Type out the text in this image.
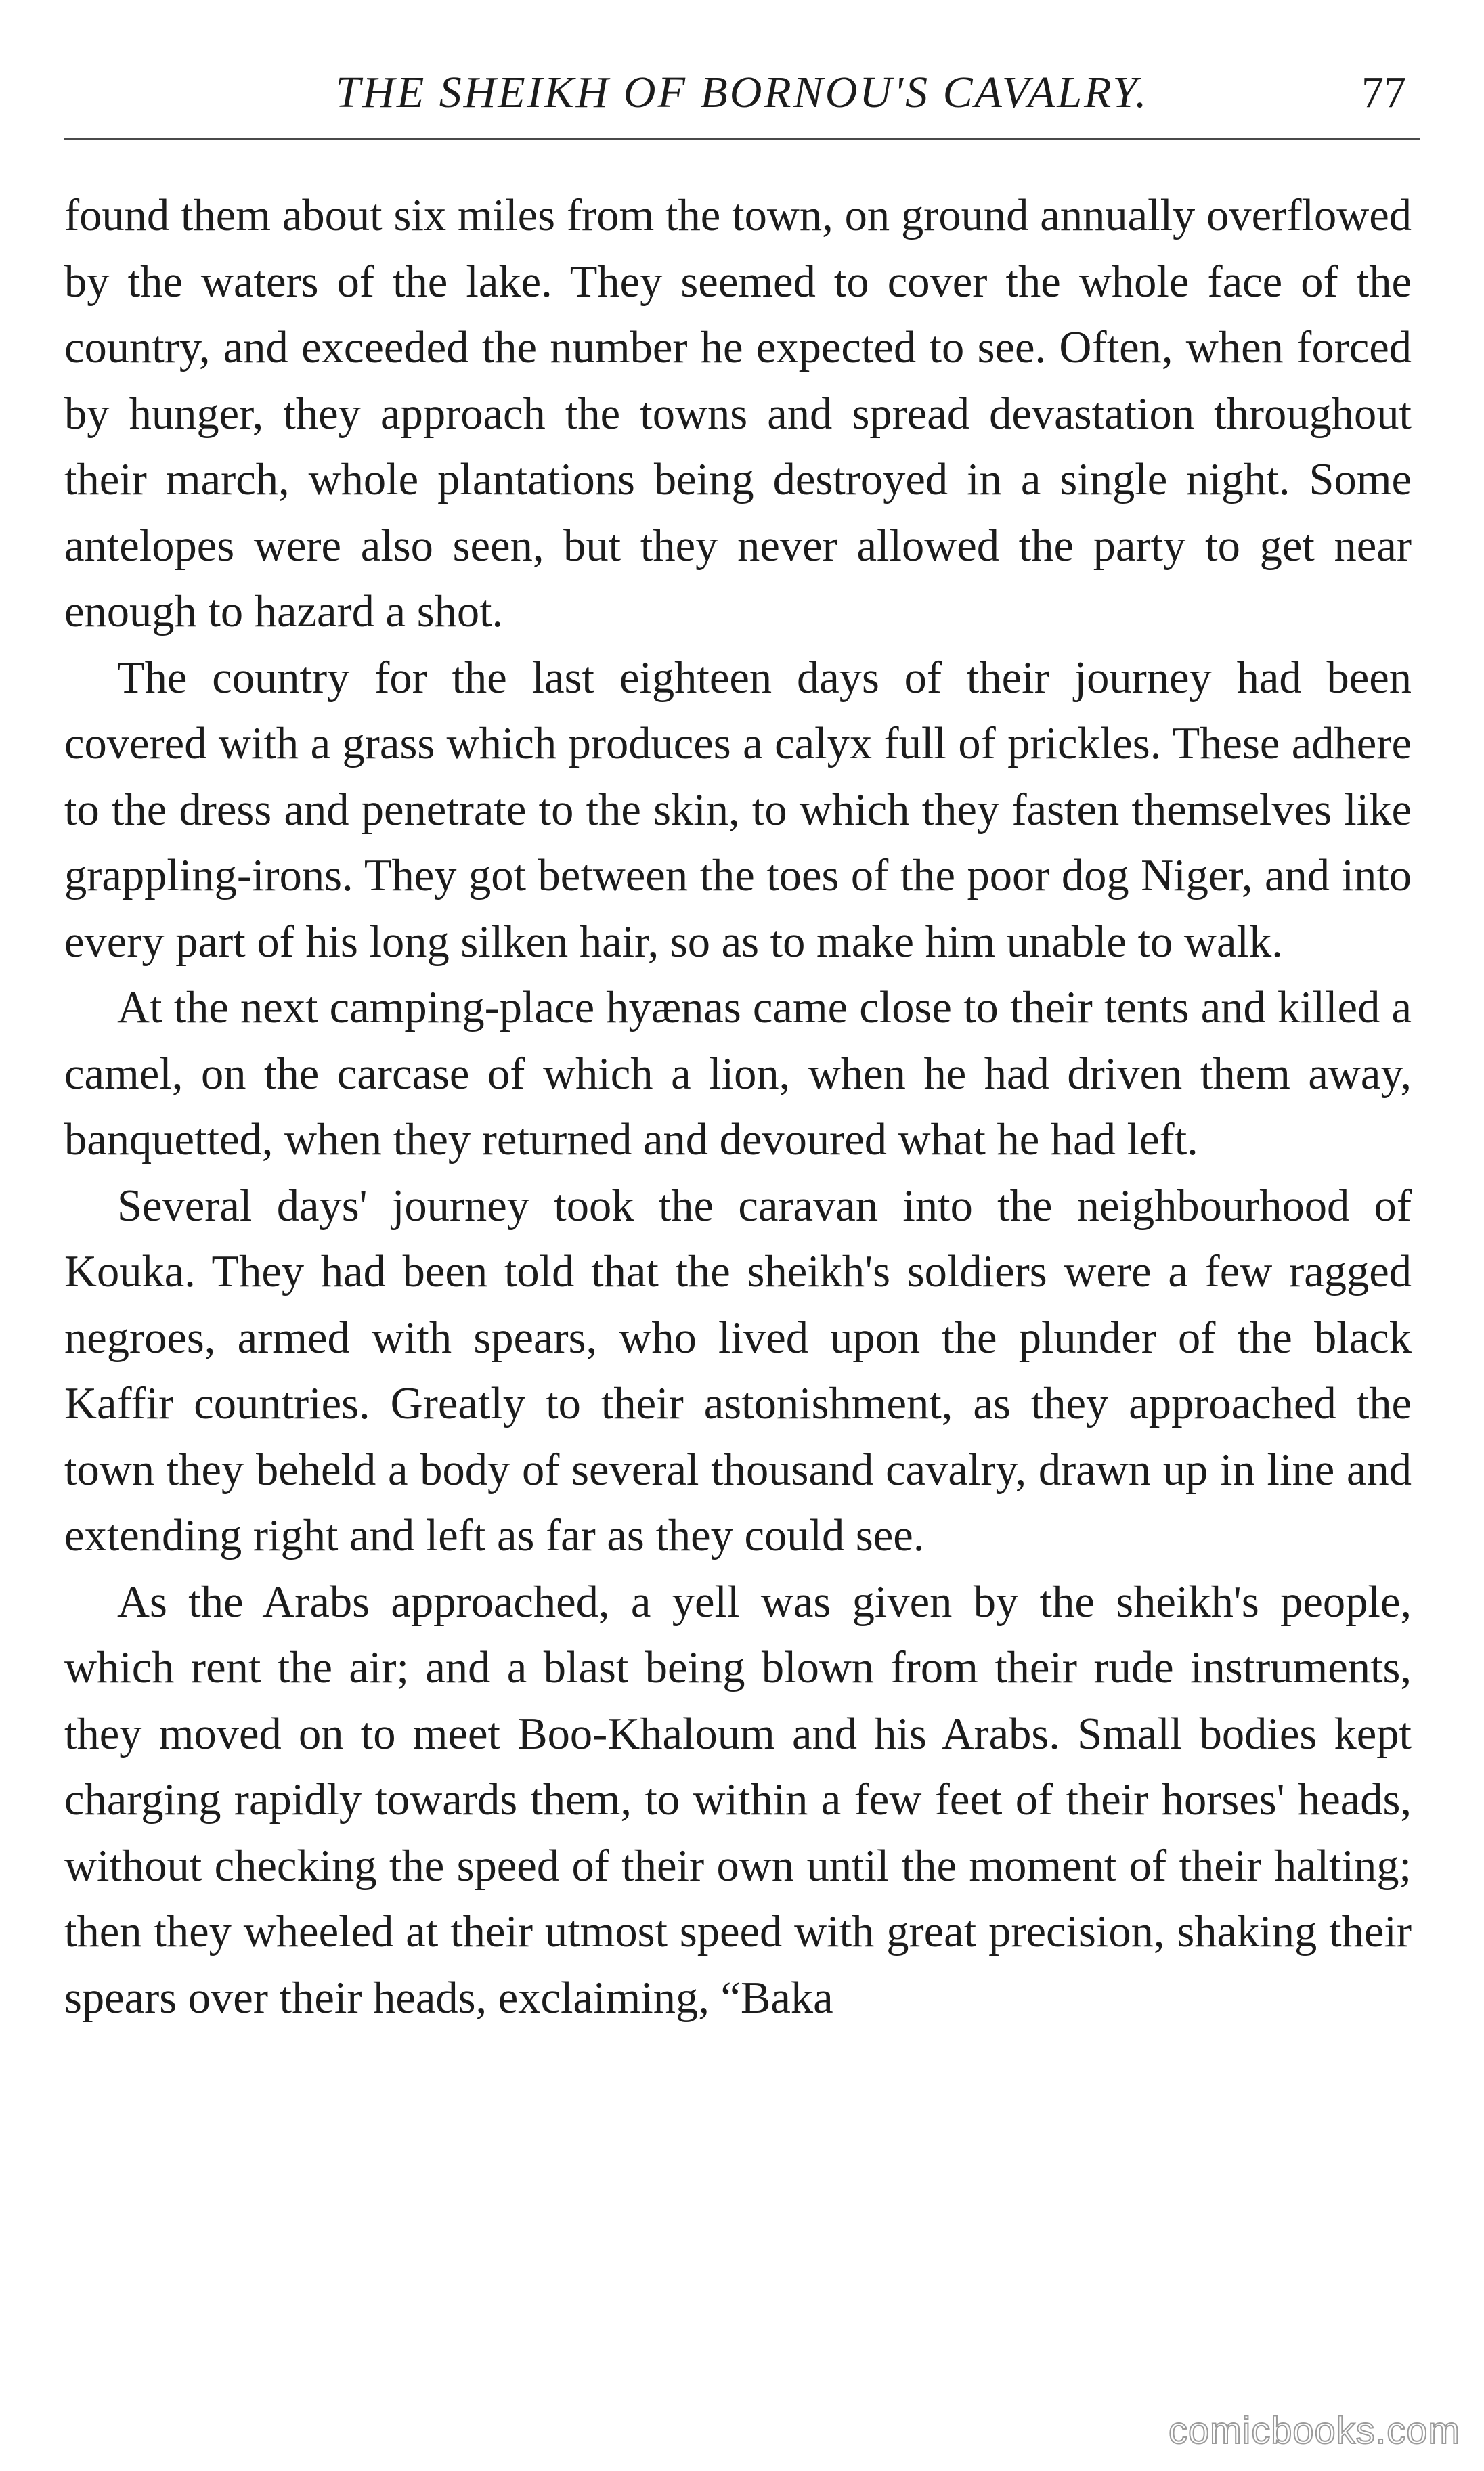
THE SHEIKH OF BORNOU'S CAVALRY.	77

found them about six miles from the town, on ground annually overflowed by the waters of the lake. They seemed to cover the whole face of the country, and exceeded the number he expected to see. Often, when forced by hunger, they approach the towns and spread devastation throughout their march, whole plantations being destroyed in a single night. Some antelopes were also seen, but they never allowed the party to get near enough to hazard a shot.

The country for the last eighteen days of their journey had been covered with a grass which produces a calyx full of prickles. These adhere to the dress and penetrate to the skin, to which they fasten themselves like grappling-irons. They got between the toes of the poor dog Niger, and into every part of his long silken hair, so as to make him unable to walk.

At the next camping-place hyænas came close to their tents and killed a camel, on the carcase of which a lion, when he had driven them away, banquetted, when they returned and devoured what he had left.

Several days' journey took the caravan into the neighbourhood of Kouka. They had been told that the sheikh's soldiers were a few ragged negroes, armed with spears, who lived upon the plunder of the black Kaffir countries. Greatly to their astonishment, as they approached the town they beheld a body of several thousand cavalry, drawn up in line and extending right and left as far as they could see.

As the Arabs approached, a yell was given by the sheikh's people, which rent the air; and a blast being blown from their rude instruments, they moved on to meet Boo-Khaloum and his Arabs. Small bodies kept charging rapidly towards them, to within a few feet of their horses' heads, without checking the speed of their own until the moment of their halting; then they wheeled at their utmost speed with great precision, shaking their spears over their heads, exclaiming, “Baka

comicbooks.com
